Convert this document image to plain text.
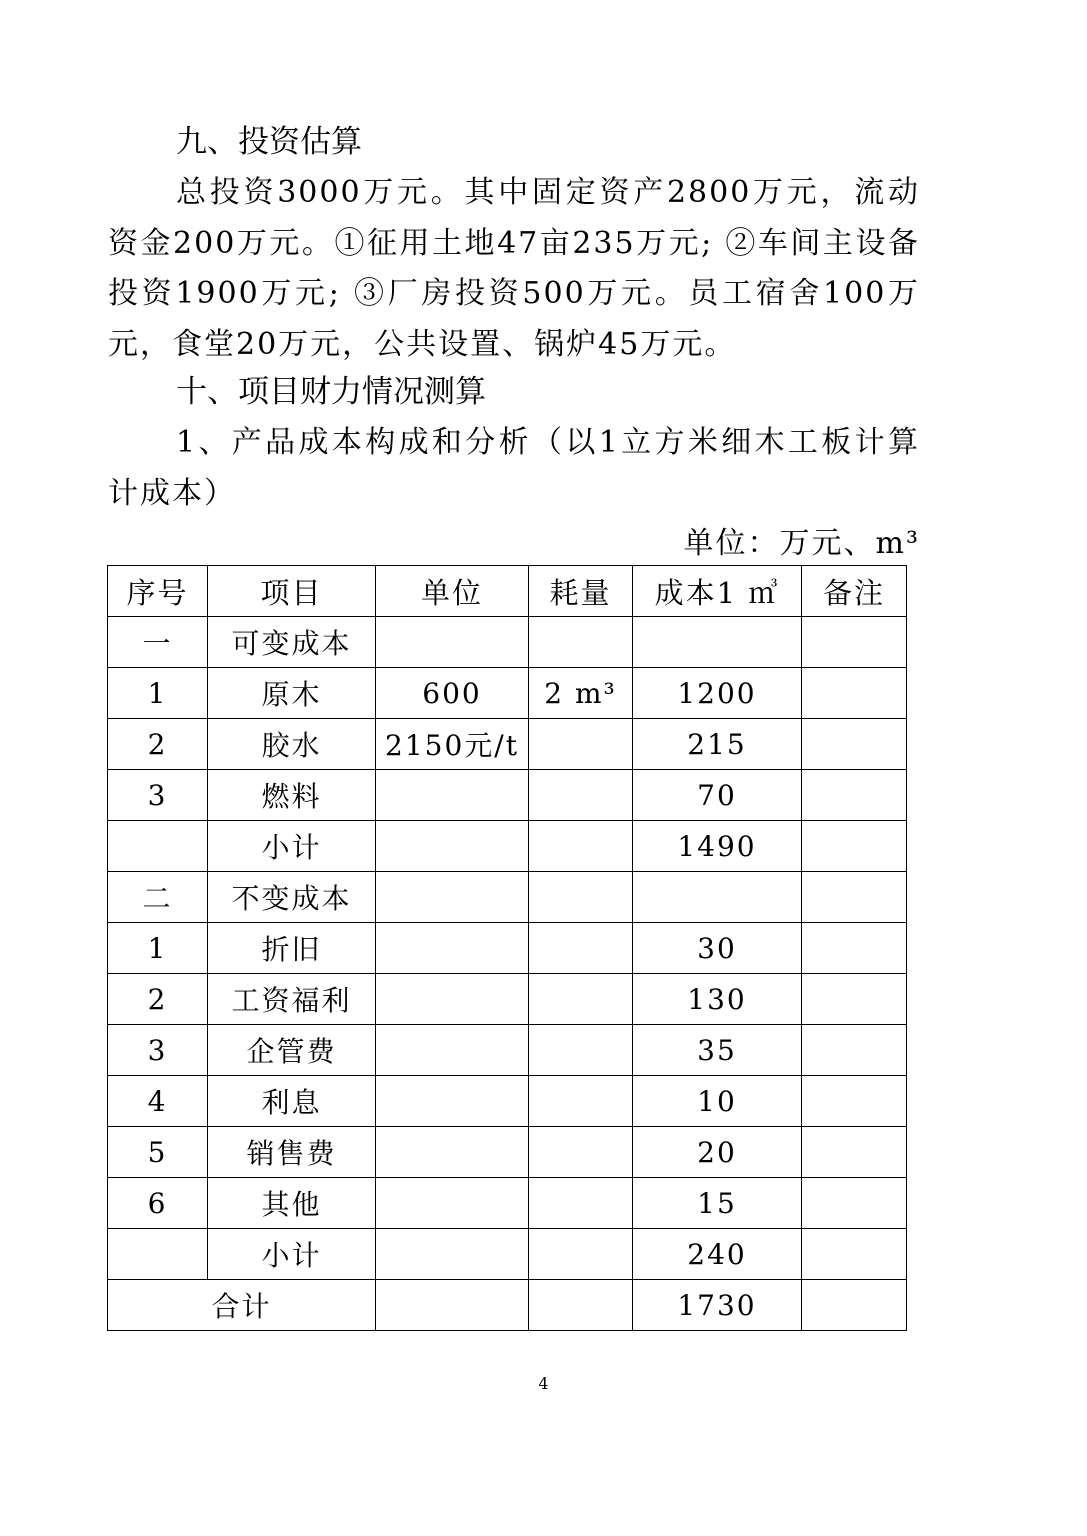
九、投资估算
总投资3000万元。其中固定资产2800万元，流动资金200万元。①征用土地47亩235万元; ②车间主设备投资1900万元; ③厂房投资500万元。员工宿舍100万元，食堂20万元，公共设置、锅炉45万元。
十、项目财力情况测算
1、产品成本构成和分析（以1立方米细木工板计算计成本）
单位：万元、m³
序号	项目	单位	耗量	成本1 ㎥	备注
一	可变成本				
1	原木	600	2 m³	1200	
2	胶水	2150元/t		215	
3	燃料			70	
	小计			1490	
二	不变成本				
1	折旧			30	
2	工资福利			130	
3	企管费			35	
4	利息			10	
5	销售费			20	
6	其他			15	
	小计			240	
合计				1730	
4
